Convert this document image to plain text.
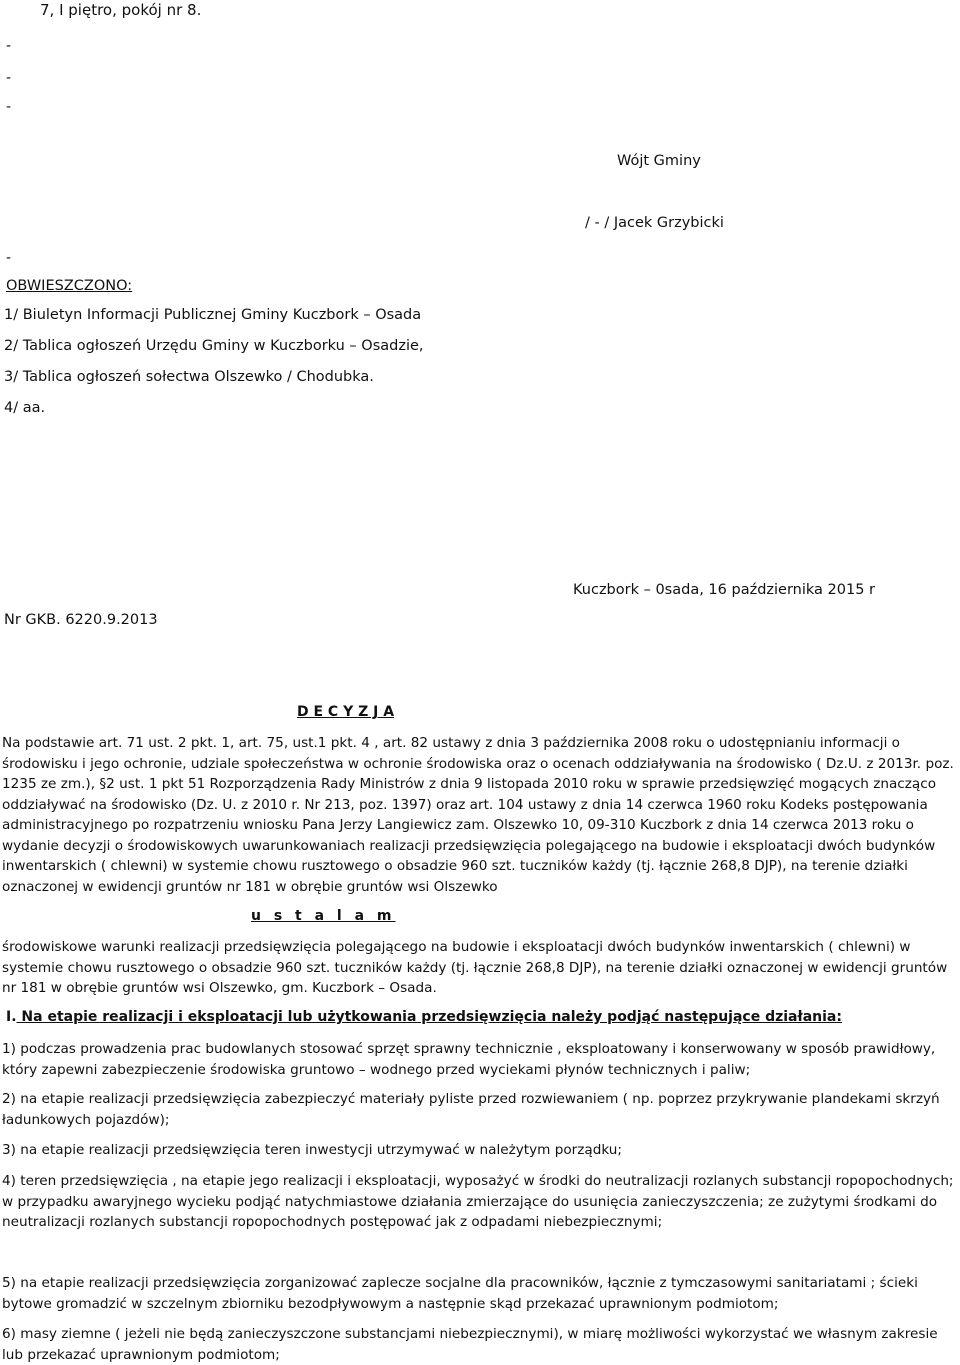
7, I piętro, pokój nr 8.
-
-
-
Wójt Gminy
/ - / Jacek Grzybicki
-
OBWIESZCZONO:
1/ Biuletyn Informacji Publicznej Gminy Kuczbork – Osada
2/ Tablica ogłoszeń Urzędu Gminy w Kuczborku – Osadzie,
3/ Tablica ogłoszeń sołectwa Olszewko / Chodubka.
4/ aa.
Kuczbork – 0sada, 16 października 2015 r
Nr GKB. 6220.9.2013
D E C Y Z J A
Na podstawie art. 71 ust. 2 pkt. 1, art. 75, ust.1 pkt. 4 , art. 82 ustawy z dnia 3 października 2008 roku o udostępnianiu informacji o środowisku i jego ochronie, udziale społeczeństwa w ochronie środowiska oraz o ocenach oddziaływania na środowisko ( Dz.U. z 2013r. poz. 1235 ze zm.), §2 ust. 1 pkt 51 Rozporządzenia Rady Ministrów z dnia 9 listopada 2010 roku w sprawie przedsięwzięć mogących znacząco oddziaływać na środowisko (Dz. U. z 2010 r. Nr 213, poz. 1397) oraz art. 104 ustawy z dnia 14 czerwca 1960 roku Kodeks postępowania administracyjnego po rozpatrzeniu wniosku Pana Jerzy Langiewicz zam. Olszewko 10, 09-310 Kuczbork z dnia 14 czerwca 2013 roku o wydanie decyzji o środowiskowych uwarunkowaniach realizacji przedsięwzięcia polegającego na budowie i eksploatacji dwóch budynków inwentarskich ( chlewni) w systemie chowu rusztowego o obsadzie 960 szt. tuczników każdy (tj. łącznie 268,8 DJP), na terenie działki oznaczonej w ewidencji gruntów nr 181 w obrębie gruntów wsi Olszewko
u s t a l a m
środowiskowe warunki realizacji przedsięwzięcia polegającego na budowie i eksploatacji dwóch budynków inwentarskich ( chlewni) w systemie chowu rusztowego o obsadzie 960 szt. tuczników każdy (tj. łącznie 268,8 DJP), na terenie działki oznaczonej w ewidencji gruntów nr 181 w obrębie gruntów wsi Olszewko, gm. Kuczbork – Osada.
I. Na etapie realizacji i eksploatacji lub użytkowania przedsięwzięcia należy podjąć następujące działania:
1) podczas prowadzenia prac budowlanych stosować sprzęt sprawny technicznie , eksploatowany i konserwowany w sposób prawidłowy, który zapewni zabezpieczenie środowiska gruntowo – wodnego przed wyciekami płynów technicznych i paliw;
2) na etapie realizacji przedsięwzięcia zabezpieczyć materiały pyliste przed rozwiewaniem ( np. poprzez przykrywanie plandekami skrzyń ładunkowych pojazdów);
3) na etapie realizacji przedsięwzięcia teren inwestycji utrzymywać w należytym porządku;
4) teren przedsięwzięcia , na etapie jego realizacji i eksploatacji, wyposażyć w środki do neutralizacji rozlanych substancji ropopochodnych; w przypadku awaryjnego wycieku podjąć natychmiastowe działania zmierzające do usunięcia zanieczyszczenia; ze zużytymi środkami do neutralizacji rozlanych substancji ropopochodnych postępować jak z odpadami niebezpiecznymi;
5) na etapie realizacji przedsięwzięcia zorganizować zaplecze socjalne dla pracowników, łącznie z tymczasowymi sanitariatami ; ścieki bytowe gromadzić w szczelnym zbiorniku bezodpływowym a następnie skąd przekazać uprawnionym podmiotom;
6) masy ziemne ( jeżeli nie będą zanieczyszczone substancjami niebezpiecznymi), w miarę możliwości wykorzystać we własnym zakresie lub przekazać uprawnionym podmiotom;
